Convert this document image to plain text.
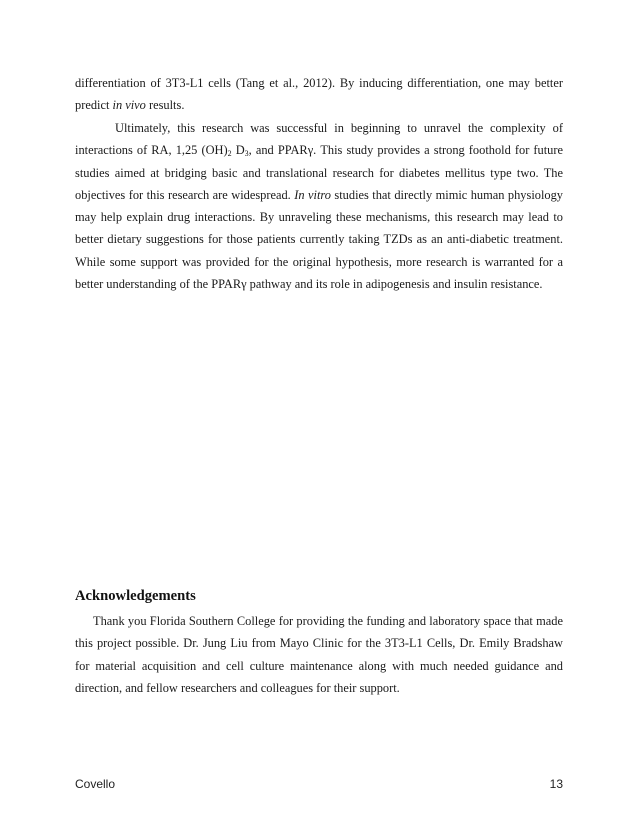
differentiation of 3T3-L1 cells (Tang et al., 2012). By inducing differentiation, one may better predict in vivo results.

Ultimately, this research was successful in beginning to unravel the complexity of interactions of RA, 1,25 $(OH)_2$ $D_3$, and PPARγ. This study provides a strong foothold for future studies aimed at bridging basic and translational research for diabetes mellitus type two. The objectives for this research are widespread. In vitro studies that directly mimic human physiology may help explain drug interactions. By unraveling these mechanisms, this research may lead to better dietary suggestions for those patients currently taking TZDs as an anti-diabetic treatment. While some support was provided for the original hypothesis, more research is warranted for a better understanding of the PPARγ pathway and its role in adipogenesis and insulin resistance.

Acknowledgements

Thank you Florida Southern College for providing the funding and laboratory space that made this project possible. Dr. Jung Liu from Mayo Clinic for the 3T3-L1 Cells, Dr. Emily Bradshaw for material acquisition and cell culture maintenance along with much needed guidance and direction, and fellow researchers and colleagues for their support.

Covello	13
